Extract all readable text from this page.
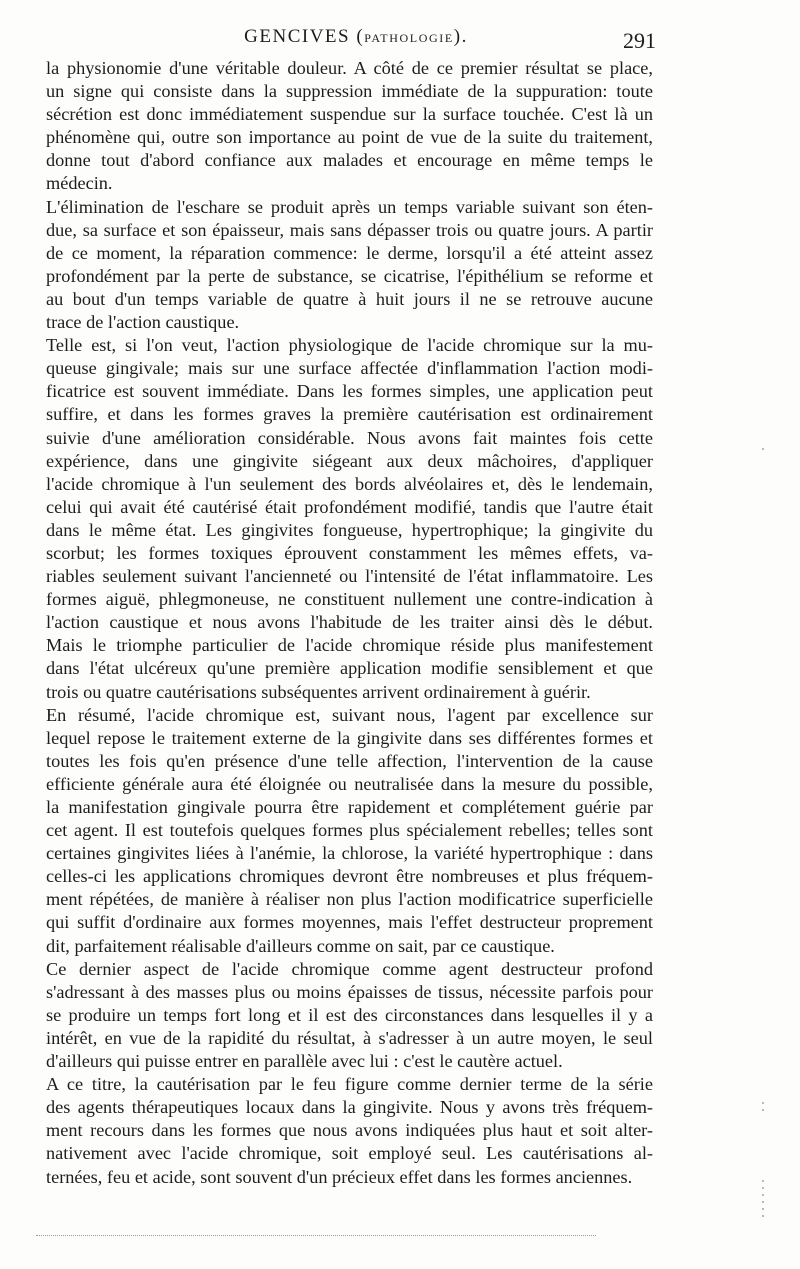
GENCIVES (PATHOLOGIE).	291
la physionomie d'une véritable douleur. A côté de ce premier résultat se place,
un signe qui consiste dans la suppression immédiate de la suppuration: toute
sécrétion est donc immédiatement suspendue sur la surface touchée. C'est là un
phénomène qui, outre son importance au point de vue de la suite du traitement,
donne tout d'abord confiance aux malades et encourage en même temps le
médecin.
L'élimination de l'eschare se produit après un temps variable suivant son éten-
due, sa surface et son épaisseur, mais sans dépasser trois ou quatre jours. A partir
de ce moment, la réparation commence: le derme, lorsqu'il a été atteint assez
profondément par la perte de substance, se cicatrise, l'épithélium se reforme et
au bout d'un temps variable de quatre à huit jours il ne se retrouve aucune
trace de l'action caustique.
Telle est, si l'on veut, l'action physiologique de l'acide chromique sur la mu-
queuse gingivale; mais sur une surface affectée d'inflammation l'action modi-
ficatrice est souvent immédiate. Dans les formes simples, une application peut
suffire, et dans les formes graves la première cautérisation est ordinairement
suivie d'une amélioration considérable. Nous avons fait maintes fois cette
expérience, dans une gingivite siégeant aux deux mâchoires, d'appliquer
l'acide chromique à l'un seulement des bords alvéolaires et, dès le lendemain,
celui qui avait été cautérisé était profondément modifié, tandis que l'autre était
dans le même état. Les gingivites fongueuse, hypertrophique; la gingivite du
scorbut; les formes toxiques éprouvent constamment les mêmes effets, va-
riables seulement suivant l'ancienneté ou l'intensité de l'état inflammatoire. Les
formes aiguë, phlegmoneuse, ne constituent nullement une contre-indication à
l'action caustique et nous avons l'habitude de les traiter ainsi dès le début.
Mais le triomphe particulier de l'acide chromique réside plus manifestement
dans l'état ulcéreux qu'une première application modifie sensiblement et que
trois ou quatre cautérisations subséquentes arrivent ordinairement à guérir.
En résumé, l'acide chromique est, suivant nous, l'agent par excellence sur
lequel repose le traitement externe de la gingivite dans ses différentes formes et
toutes les fois qu'en présence d'une telle affection, l'intervention de la cause
efficiente générale aura été éloignée ou neutralisée dans la mesure du possible,
la manifestation gingivale pourra être rapidement et complétement guérie par
cet agent. Il est toutefois quelques formes plus spécialement rebelles; telles sont
certaines gingivites liées à l'anémie, la chlorose, la variété hypertrophique : dans
celles-ci les applications chromiques devront être nombreuses et plus fréquem-
ment répétées, de manière à réaliser non plus l'action modificatrice superficielle
qui suffit d'ordinaire aux formes moyennes, mais l'effet destructeur proprement
dit, parfaitement réalisable d'ailleurs comme on sait, par ce caustique.
Ce dernier aspect de l'acide chromique comme agent destructeur profond
s'adressant à des masses plus ou moins épaisses de tissus, nécessite parfois pour
se produire un temps fort long et il est des circonstances dans lesquelles il y a
intérêt, en vue de la rapidité du résultat, à s'adresser à un autre moyen, le seul
d'ailleurs qui puisse entrer en parallèle avec lui : c'est le cautère actuel.
A ce titre, la cautérisation par le feu figure comme dernier terme de la série
des agents thérapeutiques locaux dans la gingivite. Nous y avons très fréquem-
ment recours dans les formes que nous avons indiquées plus haut et soit alter-
nativement avec l'acide chromique, soit employé seul. Les cautérisations al-
ternées, feu et acide, sont souvent d'un précieux effet dans les formes anciennes.
